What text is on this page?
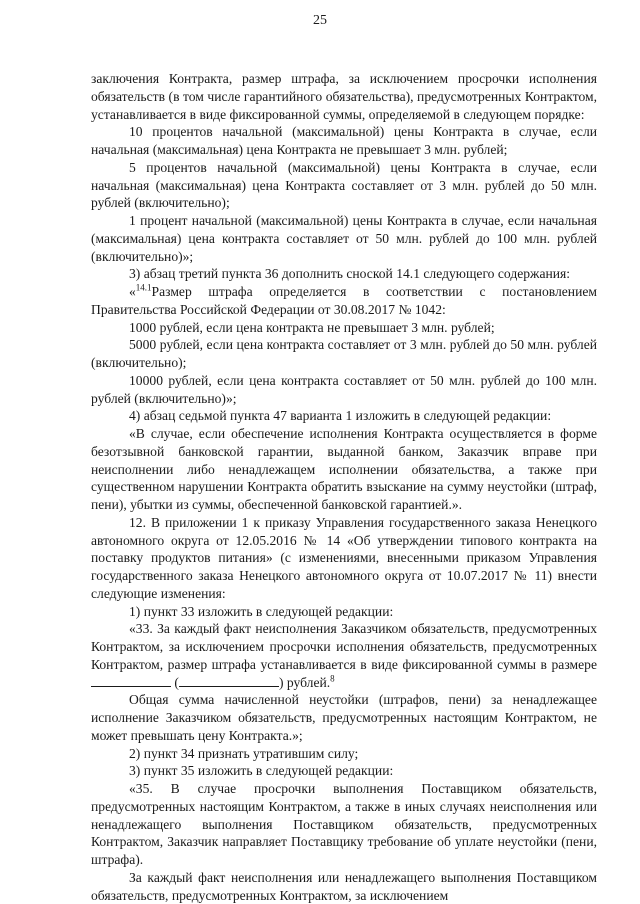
25

заключения Контракта, размер штрафа, за исключением просрочки исполнения обязательств (в том числе гарантийного обязательства), предусмотренных Контрактом, устанавливается в виде фиксированной суммы, определяемой в следующем порядке:

10 процентов начальной (максимальной) цены Контракта в случае, если начальная (максимальная) цена Контракта не превышает 3 млн. рублей;

5 процентов начальной (максимальной) цены Контракта в случае, если начальная (максимальная) цена Контракта составляет от 3 млн. рублей до 50 млн. рублей (включительно);

1 процент начальной (максимальной) цены Контракта в случае, если начальная (максимальная) цена контракта составляет от 50 млн. рублей до 100 млн. рублей (включительно)»;

3) абзац третий пункта 36 дополнить сноской 14.1 следующего содержания:

«$^{14.1}$Размер штрафа определяется в соответствии с постановлением Правительства Российской Федерации от 30.08.2017 № 1042:

1000 рублей, если цена контракта не превышает 3 млн. рублей;

5000 рублей, если цена контракта составляет от 3 млн. рублей до 50 млн. рублей (включительно);

10000 рублей, если цена контракта составляет от 50 млн. рублей до 100 млн. рублей (включительно)»;

4) абзац седьмой пункта 47 варианта 1 изложить в следующей редакции:

«В случае, если обеспечение исполнения Контракта осуществляется в форме безотзывной банковской гарантии, выданной банком, Заказчик вправе при неисполнении либо ненадлежащем исполнении обязательства, а также при существенном нарушении Контракта обратить взыскание на сумму неустойки (штраф, пени), убытки из суммы, обеспеченной банковской гарантией.».

12. В приложении 1 к приказу Управления государственного заказа Ненецкого автономного округа от 12.05.2016 № 14 «Об утверждении типового контракта на поставку продуктов питания» (с изменениями, внесенными приказом Управления государственного заказа Ненецкого автономного округа от 10.07.2017 № 11) внести следующие изменения:

1) пункт 33 изложить в следующей редакции:

«33. За каждый факт неисполнения Заказчиком обязательств, предусмотренных Контрактом, за исключением просрочки исполнения обязательств, предусмотренных Контрактом, размер штрафа устанавливается в виде фиксированной суммы в размере  (	) рублей.$^8$

Общая сумма начисленной неустойки (штрафов, пени) за ненадлежащее исполнение Заказчиком обязательств, предусмотренных настоящим Контрактом, не может превышать цену Контракта.»;

2) пункт 34 признать утратившим силу;

3) пункт 35 изложить в следующей редакции:

«35. В случае просрочки выполнения Поставщиком обязательств, предусмотренных настоящим Контрактом, а также в иных случаях неисполнения или ненадлежащего выполнения Поставщиком обязательств, предусмотренных Контрактом, Заказчик направляет Поставщику требование об уплате неустойки (пени, штрафа).

За каждый факт неисполнения или ненадлежащего выполнения Поставщиком обязательств, предусмотренных Контрактом, за исключением
